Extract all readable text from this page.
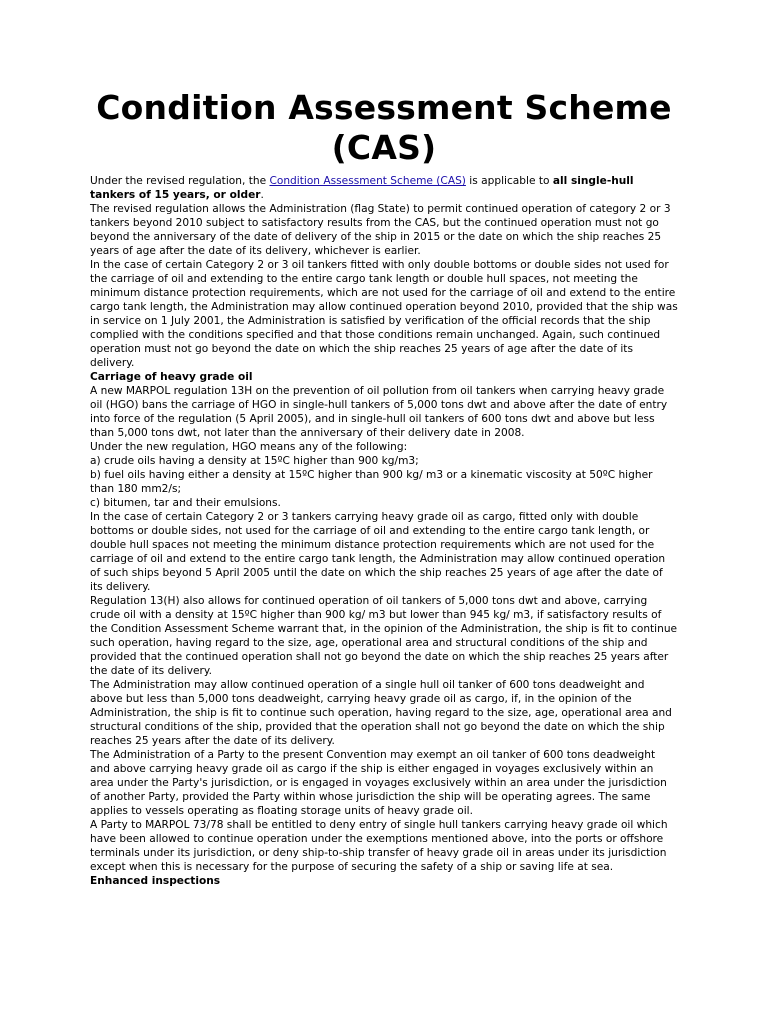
Condition Assessment Scheme (CAS)

Under the revised regulation, the Condition Assessment Scheme (CAS) is applicable to all single-hull tankers of 15 years, or older.

The revised regulation allows the Administration (flag State) to permit continued operation of category 2 or 3 tankers beyond 2010 subject to satisfactory results from the CAS, but the continued operation must not go beyond the anniversary of the date of delivery of the ship in 2015 or the date on which the ship reaches 25 years of age after the date of its delivery, whichever is earlier.

In the case of certain Category 2 or 3 oil tankers fitted with only double bottoms or double sides not used for the carriage of oil and extending to the entire cargo tank length or double hull spaces, not meeting the minimum distance protection requirements, which are not used for the carriage of oil and extend to the entire cargo tank length, the Administration may allow continued operation beyond 2010, provided that the ship was in service on 1 July 2001, the Administration is satisfied by verification of the official records that the ship complied with the conditions specified and that those conditions remain unchanged. Again, such continued operation must not go beyond the date on which the ship reaches 25 years of age after the date of its delivery.

Carriage of heavy grade oil

A new MARPOL regulation 13H on the prevention of oil pollution from oil tankers when carrying heavy grade oil (HGO) bans the carriage of HGO in single-hull tankers of 5,000 tons dwt and above after the date of entry into force of the regulation (5 April 2005), and in single-hull oil tankers of 600 tons dwt and above but less than 5,000 tons dwt, not later than the anniversary of their delivery date in 2008.

Under the new regulation, HGO means any of the following:

a) crude oils having a density at 15ºC higher than 900 kg/m3;

b) fuel oils having either a density at 15ºC higher than 900 kg/ m3 or a kinematic viscosity at 50ºC higher than 180 mm2/s;

c) bitumen, tar and their emulsions.

In the case of certain Category 2 or 3 tankers carrying heavy grade oil as cargo, fitted only with double bottoms or double sides, not used for the carriage of oil and extending to the entire cargo tank length, or double hull spaces not meeting the minimum distance protection requirements which are not used for the carriage of oil and extend to the entire cargo tank length, the Administration may allow continued operation of such ships beyond 5 April 2005 until the date on which the ship reaches 25 years of age after the date of its delivery.

Regulation 13(H) also allows for continued operation of oil tankers of 5,000 tons dwt and above, carrying crude oil with a density at 15ºC higher than 900 kg/ m3 but lower than 945 kg/ m3, if satisfactory results of the Condition Assessment Scheme warrant that, in the opinion of the Administration, the ship is fit to continue such operation, having regard to the size, age, operational area and structural conditions of the ship and provided that the continued operation shall not go beyond the date on which the ship reaches 25 years after the date of its delivery.

The Administration may allow continued operation of a single hull oil tanker of 600 tons deadweight and above but less than 5,000 tons deadweight, carrying heavy grade oil as cargo, if, in the opinion of the Administration, the ship is fit to continue such operation, having regard to the size, age, operational area and structural conditions of the ship, provided that the operation shall not go beyond the date on which the ship reaches 25 years after the date of its delivery.

The Administration of a Party to the present Convention may exempt an oil tanker of 600 tons deadweight and above carrying heavy grade oil as cargo if the ship is either engaged in voyages exclusively within an area under the Party's jurisdiction, or is engaged in voyages exclusively within an area under the jurisdiction of another Party, provided the Party within whose jurisdiction the ship will be operating agrees. The same applies to vessels operating as floating storage units of heavy grade oil.

A Party to MARPOL 73/78 shall be entitled to deny entry of single hull tankers carrying heavy grade oil which have been allowed to continue operation under the exemptions mentioned above, into the ports or offshore terminals under its jurisdiction, or deny ship-to-ship transfer of heavy grade oil in areas under its jurisdiction except when this is necessary for the purpose of securing the safety of a ship or saving life at sea.

Enhanced inspections
